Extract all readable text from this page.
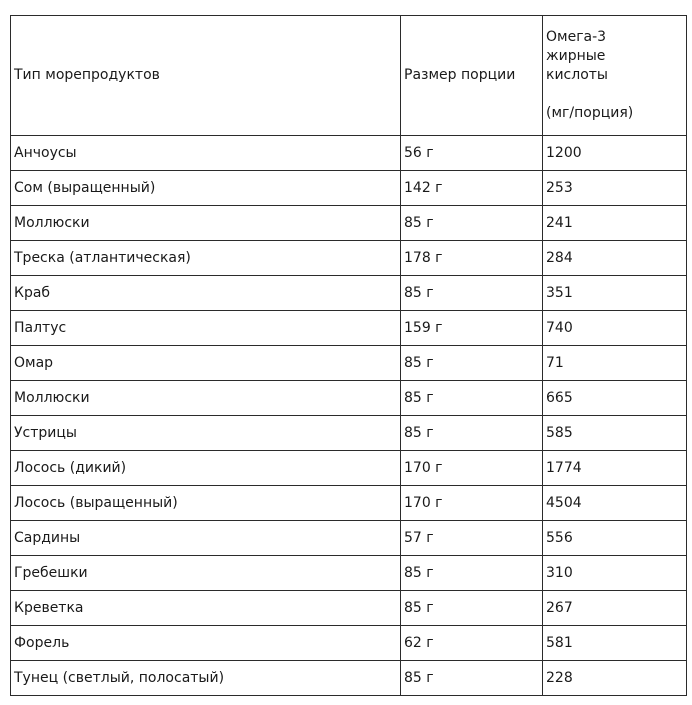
Тип морепродуктов	Размер порции	Омега-3
жирные
кислоты
(мг/порция)

Анчоусы	56 г	1200
Сом (выращенный)	142 г	253
Моллюски	85 г	241
Треска (атлантическая)	178 г	284
Краб	85 г	351
Палтус	159 г	740
Омар	85 г	71
Моллюски	85 г	665
Устрицы	85 г	585
Лосось (дикий)	170 г	1774
Лосось (выращенный)	170 г	4504
Сардины	57 г	556
Гребешки	85 г	310
Креветка	85 г	267
Форель	62 г	581
Тунец (светлый, полосатый)	85 г	228
